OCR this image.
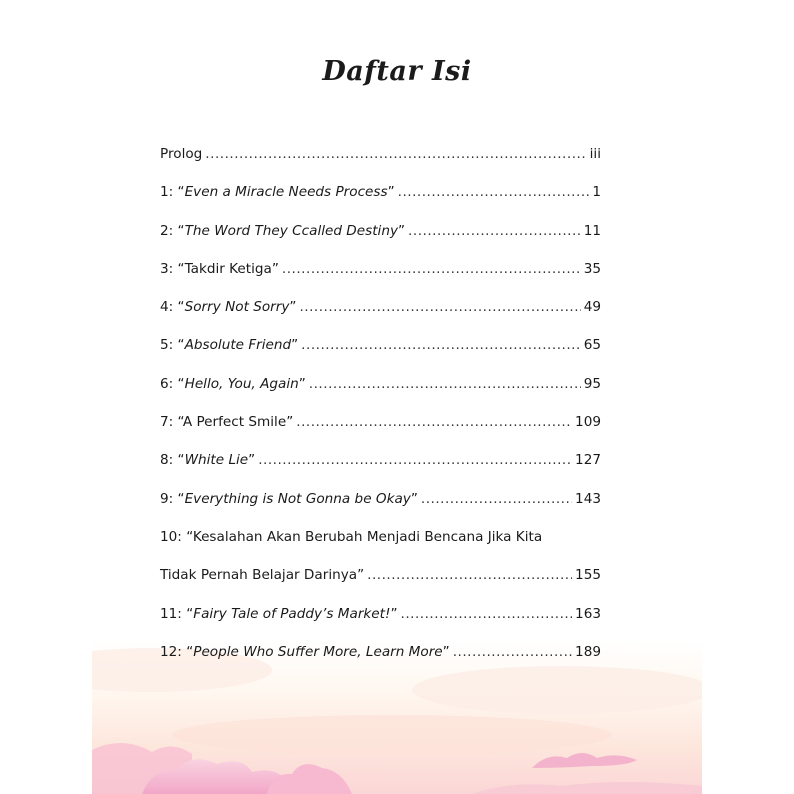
Daftar Isi
Prolog .....	iii
1: “Even a Miracle Needs Process” .....	1
2: “The Word They Ccalled Destiny” .....	11
3: “Takdir Ketiga” .....	35
4: “Sorry Not Sorry” .....	49
5: “Absolute Friend” .....	65
6: “Hello, You, Again” .....	95
7: “A Perfect Smile” .....	109
8: “White Lie” .....	127
9: “Everything is Not Gonna be Okay” .....	143
10: “Kesalahan Akan Berubah Menjadi Bencana Jika Kita
Tidak Pernah Belajar Darinya” .....	155
11: “Fairy Tale of Paddy’s Market!” .....	163
12: “People Who Suffer More, Learn More” .....	189
